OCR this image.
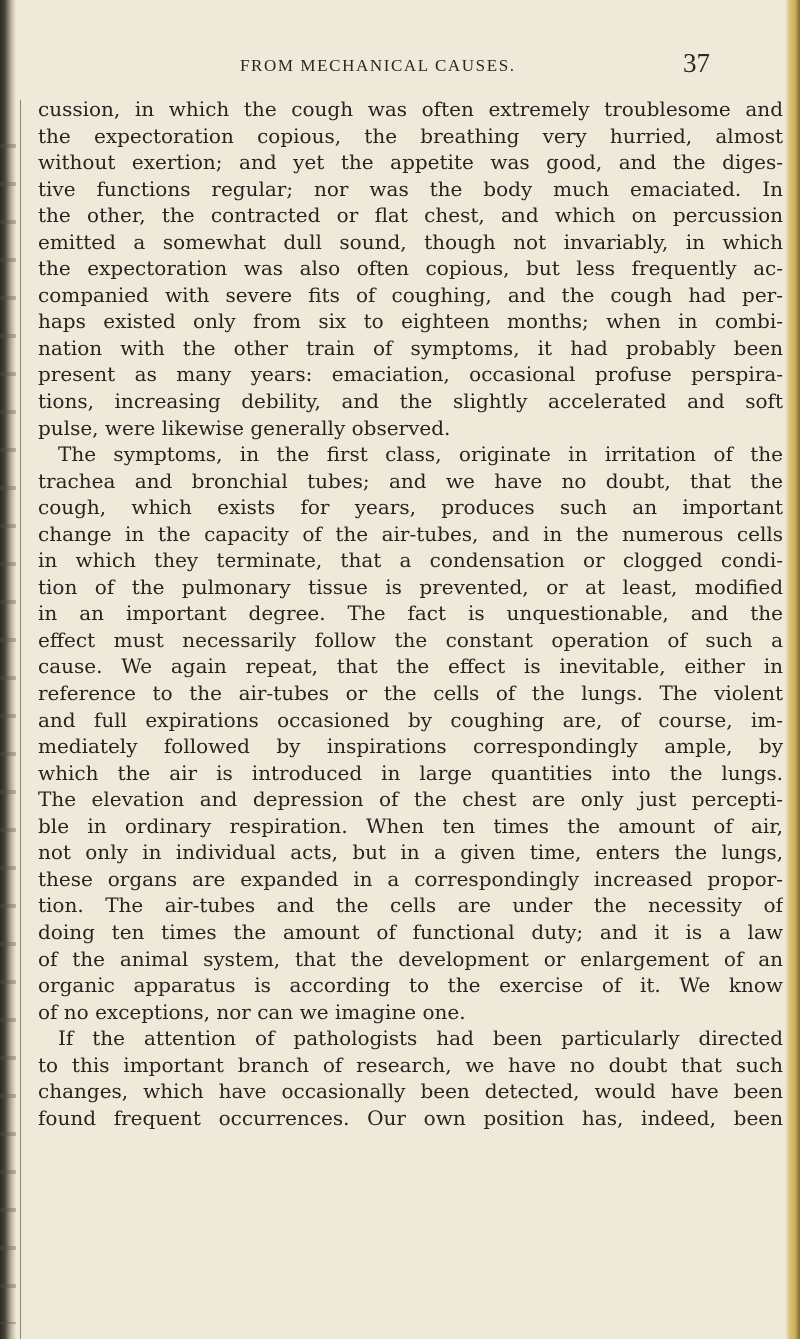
FROM MECHANICAL CAUSES.	37
cussion, in which the cough was often extremely troublesome and
the expectoration copious, the breathing very hurried, almost
without exertion; and yet the appetite was good, and the diges-
tive functions regular; nor was the body much emaciated. In
the other, the contracted or flat chest, and which on percussion
emitted a somewhat dull sound, though not invariably, in which
the expectoration was also often copious, but less frequently ac-
companied with severe fits of coughing, and the cough had per-
haps existed only from six to eighteen months; when in combi-
nation with the other train of symptoms, it had probably been
present as many years: emaciation, occasional profuse perspira-
tions, increasing debility, and the slightly accelerated and soft
pulse, were likewise generally observed.
The symptoms, in the first class, originate in irritation of the
trachea and bronchial tubes; and we have no doubt, that the
cough, which exists for years, produces such an important
change in the capacity of the air-tubes, and in the numerous cells
in which they terminate, that a condensation or clogged condi-
tion of the pulmonary tissue is prevented, or at least, modified
in an important degree. The fact is unquestionable, and the
effect must necessarily follow the constant operation of such a
cause. We again repeat, that the effect is inevitable, either in
reference to the air-tubes or the cells of the lungs. The violent
and full expirations occasioned by coughing are, of course, im-
mediately followed by inspirations correspondingly ample, by
which the air is introduced in large quantities into the lungs.
The elevation and depression of the chest are only just percepti-
ble in ordinary respiration. When ten times the amount of air,
not only in individual acts, but in a given time, enters the lungs,
these organs are expanded in a correspondingly increased propor-
tion. The air-tubes and the cells are under the necessity of
doing ten times the amount of functional duty; and it is a law
of the animal system, that the development or enlargement of an
organic apparatus is according to the exercise of it. We know
of no exceptions, nor can we imagine one.
If the attention of pathologists had been particularly directed
to this important branch of research, we have no doubt that such
changes, which have occasionally been detected, would have been
found frequent occurrences. Our own position has, indeed, been
